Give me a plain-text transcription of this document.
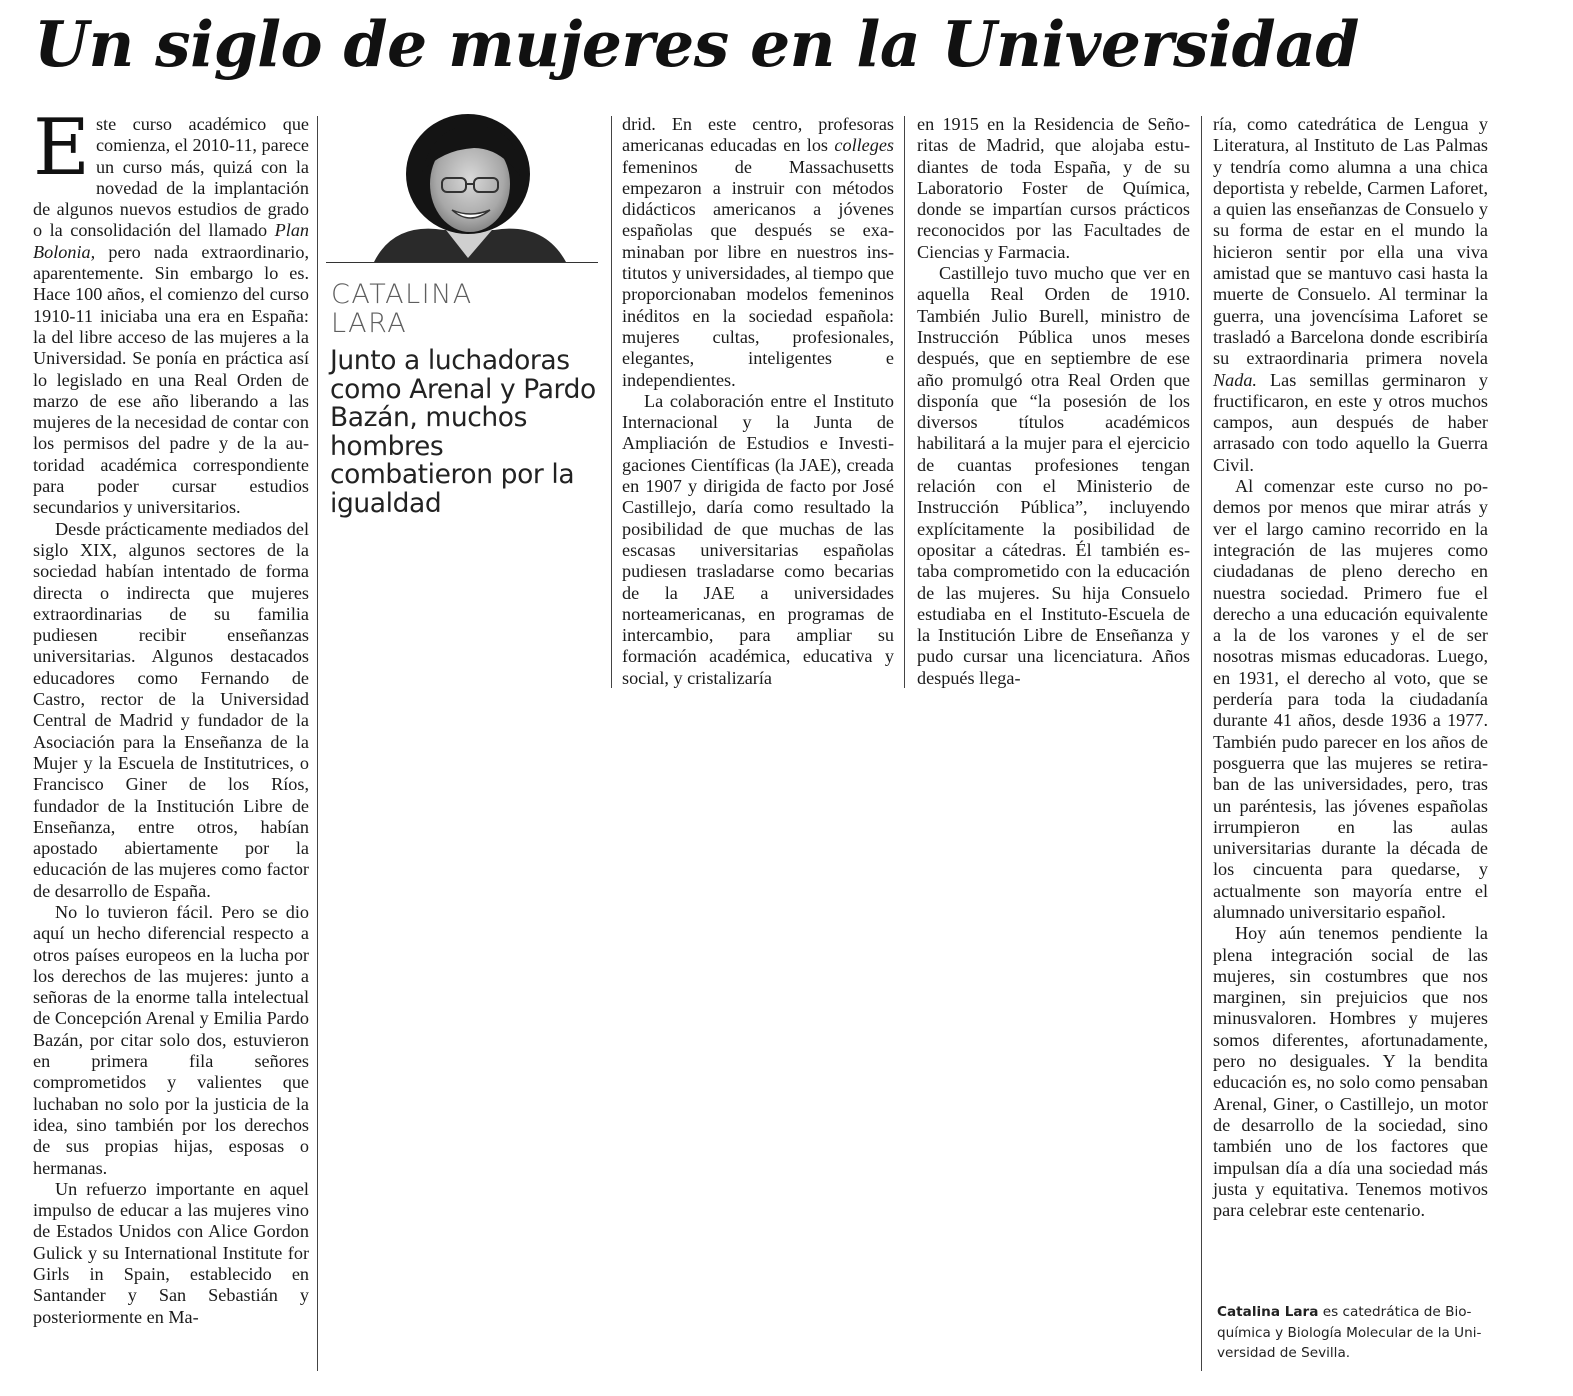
Un siglo de mujeres en la Universidad

Este curso académico que comienza, el 2010-11, parece un curso más, quizá con la novedad de la implantación de algunos nuevos estudios de grado o la consolidación del llamado Plan Bolonia, pero nada extraordinario, aparentemente. Sin embargo lo es. Hace 100 años, el comienzo del curso 1910-11 iniciaba una era en España: la del libre acceso de las mujeres a la Universidad. Se ponía en práctica así lo legislado en una Real Orden de marzo de ese año liberando a las mujeres de la necesidad de contar con los permisos del padre y de la autoridad académica correspondiente para poder cursar estudios secundarios y universitarios.

Desde prácticamente mediados del siglo XIX, algunos sectores de la sociedad habían intentado de forma directa o indirecta que mujeres extraordinarias de su familia pudiesen recibir enseñanzas universitarias. Algunos destacados educadores como Fernando de Castro, rector de la Universidad Central de Madrid y fundador de la Asociación para la Enseñanza de la Mujer y la Escuela de Institutrices, o Francisco Giner de los Ríos, fundador de la Institución Libre de Enseñanza, entre otros, habían apostado abiertamente por la educación de las mujeres como factor de desarrollo de España.

No lo tuvieron fácil. Pero se dio aquí un hecho diferencial respecto a otros países europeos en la lucha por los derechos de las mujeres: junto a señoras de la enorme talla intelectual de Concepción Arenal y Emilia Pardo Bazán, por citar solo dos, estuvieron en primera fila señores comprometidos y valientes que luchaban no solo por la justicia de la idea, sino también por los derechos de sus propias hijas, esposas o hermanas.

Un refuerzo importante en aquel impulso de educar a las mujeres vino de Estados Unidos con Alice Gordon Gulick y su International Institute for Girls in Spain, establecido en Santander y San Sebastián y posteriormente en Ma-

CATALINA
LARA
Junto a luchadoras como Arenal y Pardo Bazán, muchos hombres combatieron por la igualdad

drid. En este centro, profesoras americanas educadas en los colleges femeninos de Massachusetts empezaron a instruir con métodos didácticos americanos a jóvenes españolas que después se examinaban por libre en nuestros institutos y universidades, al tiempo que proporcionaban modelos femeninos inéditos en la sociedad española: mujeres cultas, profesionales, elegantes, inteligentes e independientes.

La colaboración entre el Instituto Internacional y la Junta de Ampliación de Estudios e Investigaciones Científicas (la JAE), creada en 1907 y dirigida de facto por José Castillejo, daría como resultado la posibilidad de que muchas de las escasas universitarias españolas pudiesen trasladarse como becarias de la JAE a universidades norteamericanas, en programas de intercambio, para ampliar su formación académica, educativa y social, y cristalizaría

en 1915 en la Residencia de Señoritas de Madrid, que alojaba estudiantes de toda España, y de su Laboratorio Foster de Química, donde se impartían cursos prácticos reconocidos por las Facultades de Ciencias y Farmacia.

Castillejo tuvo mucho que ver en aquella Real Orden de 1910. También Julio Burell, ministro de Instrucción Pública unos meses después, que en septiembre de ese año promulgó otra Real Orden que disponía que “la posesión de los diversos títulos académicos habilitará a la mujer para el ejercicio de cuantas profesiones tengan relación con el Ministerio de Instrucción Pública”, incluyendo explícitamente la posibilidad de opositar a cátedras. Él también estaba comprometido con la educación de las mujeres. Su hija Consuelo estudiaba en el Instituto-Escuela de la Institución Libre de Enseñanza y pudo cursar una licenciatura. Años después llega-

ría, como catedrática de Lengua y Literatura, al Instituto de Las Palmas y tendría como alumna a una chica deportista y rebelde, Carmen Laforet, a quien las enseñanzas de Consuelo y su forma de estar en el mundo la hicieron sentir por ella una viva amistad que se mantuvo casi hasta la muerte de Consuelo. Al terminar la guerra, una jovencísima Laforet se trasladó a Barcelona donde escribiría su extraordinaria primera novela Nada. Las semillas germinaron y fructificaron, en este y otros muchos campos, aun después de haber arrasado con todo aquello la Guerra Civil.

Al comenzar este curso no podemos por menos que mirar atrás y ver el largo camino recorrido en la integración de las mujeres como ciudadanas de pleno derecho en nuestra sociedad. Primero fue el derecho a una educación equivalente a la de los varones y el de ser nosotras mismas educadoras. Luego, en 1931, el derecho al voto, que se perdería para toda la ciudadanía durante 41 años, desde 1936 a 1977. También pudo parecer en los años de posguerra que las mujeres se retiraban de las universidades, pero, tras un paréntesis, las jóvenes españolas irrumpieron en las aulas universitarias durante la década de los cincuenta para quedarse, y actualmente son mayoría entre el alumnado universitario español.

Hoy aún tenemos pendiente la plena integración social de las mujeres, sin costumbres que nos marginen, sin prejuicios que nos minusvaloren. Hombres y mujeres somos diferentes, afortunadamente, pero no desiguales. Y la bendita educación es, no solo como pensaban Arenal, Giner, o Castillejo, un motor de desarrollo de la sociedad, sino también uno de los factores que impulsan día a día una sociedad más justa y equitativa. Tenemos motivos para celebrar este centenario.

Catalina Lara es catedrática de Bioquímica y Biología Molecular de la Universidad de Sevilla.
